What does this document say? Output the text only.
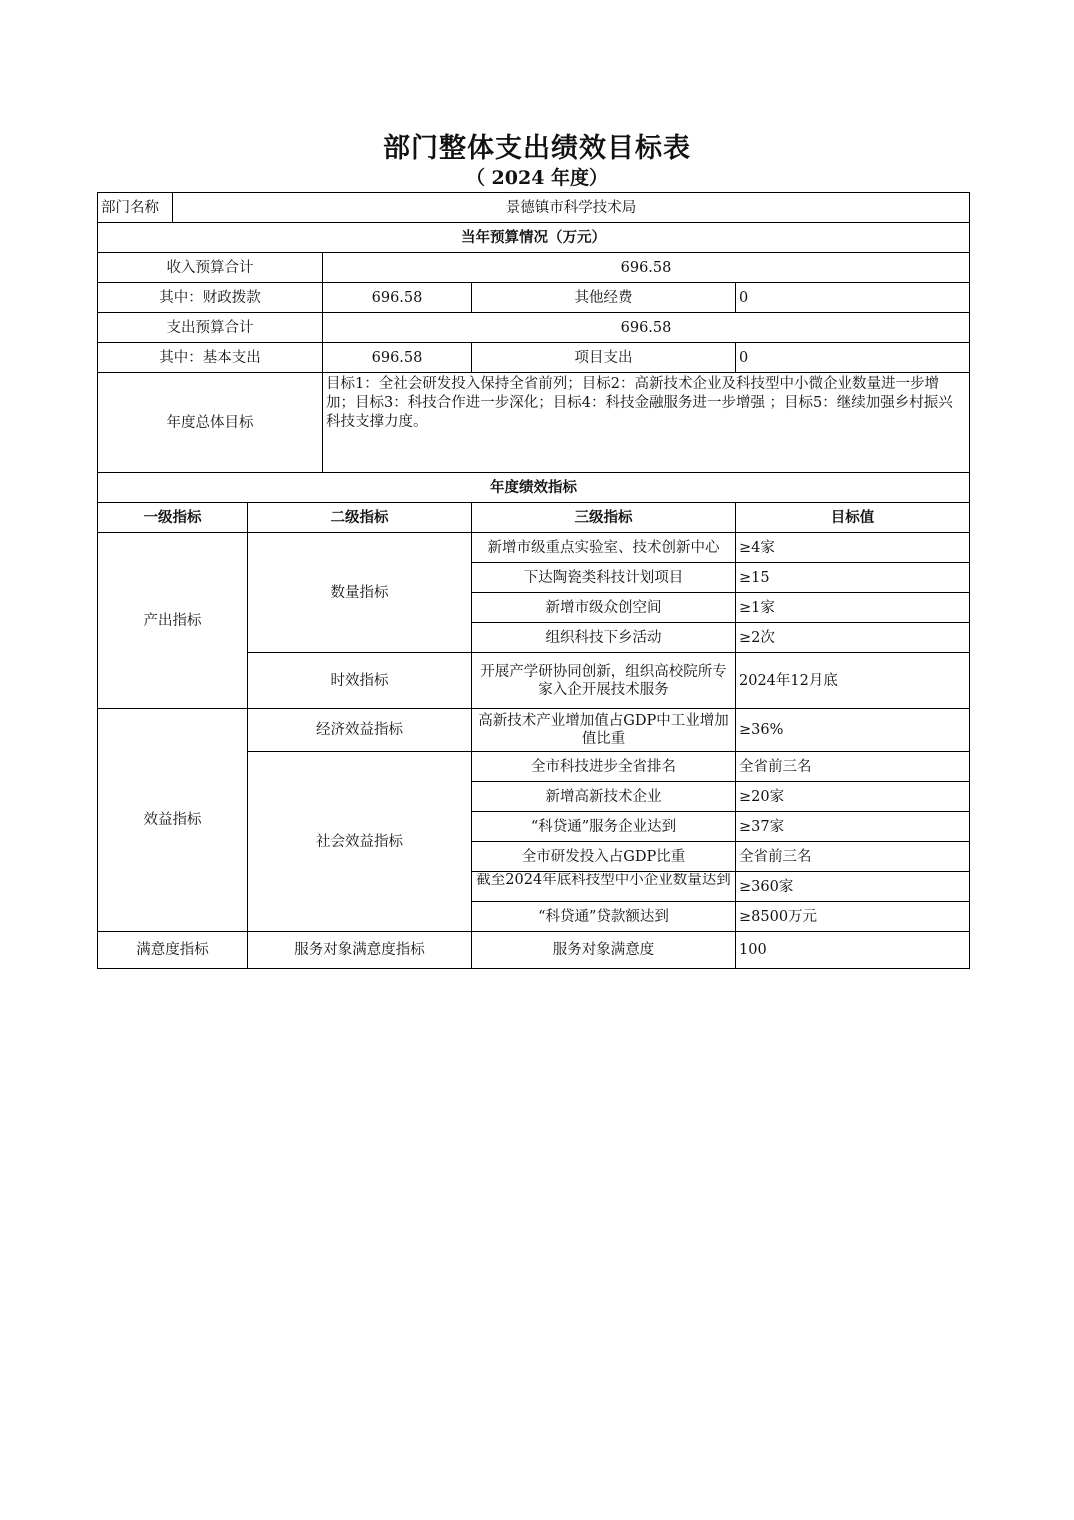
部门整体支出绩效目标表
（ 2024 年度）
部门名称	景德镇市科学技术局				
当年预算情况（万元）					
收入预算合计			696.58		
其中：财政拨款			696.58	其他经费	0
支出预算合计			696.58		
其中：基本支出			696.58	项目支出	0
年度总体目标			目标1：全社会研发投入保持全省前列；目标2：高新技术企业及科技型中小微企业数量进一步增加；目标3：科技合作进一步深化；目标4：科技金融服务进一步增强 ；目标5：继续加强乡村振兴科技支撑力度。		
年度绩效指标					
一级指标		二级指标		三级指标	目标值
产出指标		数量指标		新增市级重点实验室、技术创新中心	≥4家
				下达陶瓷类科技计划项目	≥15
				新增市级众创空间	≥1家
				组织科技下乡活动	≥2次
		时效指标		开展产学研协同创新，组织高校院所专家入企开展技术服务	2024年12月底
效益指标		经济效益指标		高新技术产业增加值占GDP中工业增加值比重	≥36%
		社会效益指标		全市科技进步全省排名	全省前三名
				新增高新技术企业	≥20家
				“科贷通”服务企业达到	≥37家
				全市研发投入占GDP比重	全省前三名

				截至2024年底科技型中小企业数量达到	≥360家
				“科贷通”贷款额达到	≥8500万元
满意度指标		服务对象满意度指标		服务对象满意度	100
